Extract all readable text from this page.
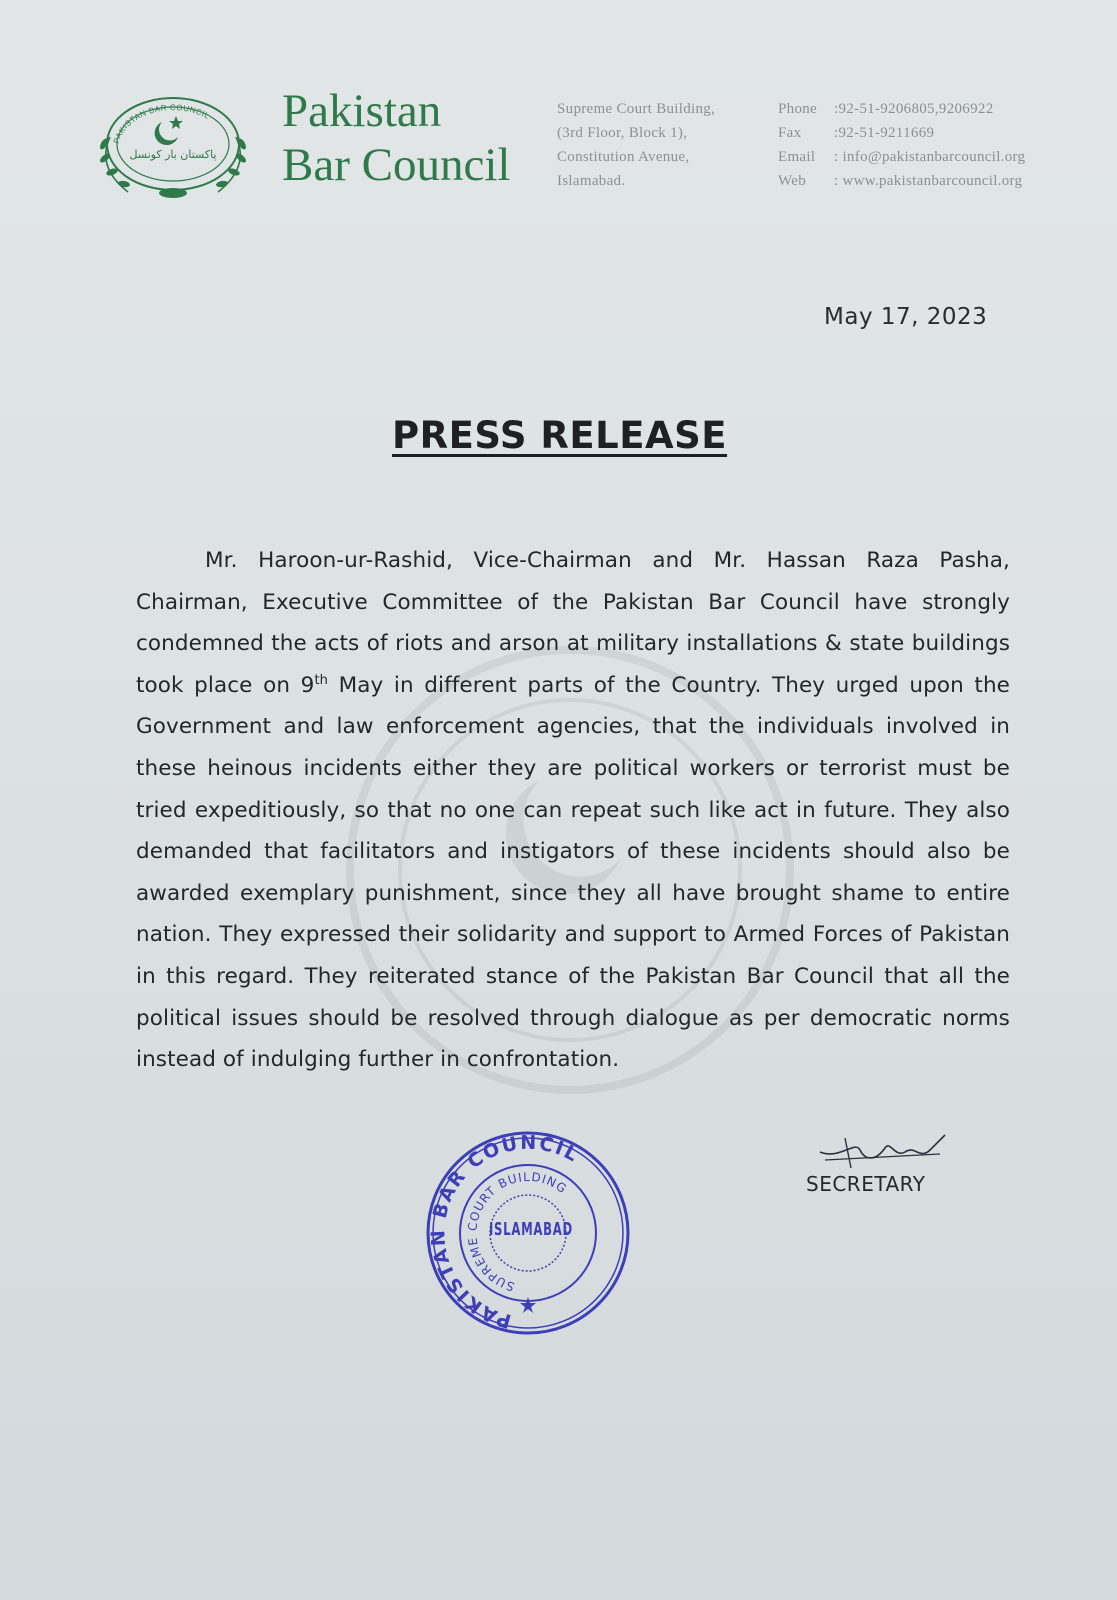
PAKISTAN BAR COUNCIL
پاکستان بار کونسل
Pakistan
Bar Council
Supreme Court Building,
(3rd Floor, Block 1),
Constitution Avenue,
Islamabad.
Phone :92-51-9206805,9206922
Fax :92-51-9211669
Email : info@pakistanbarcouncil.org
Web : www.pakistanbarcouncil.org
May 17, 2023
PRESS RELEASE

Mr. Haroon-ur-Rashid, Vice-Chairman and Mr. Hassan Raza Pasha, Chairman, Executive Committee of the Pakistan Bar Council have strongly condemned the acts of riots and arson at military installations & state buildings took place on 9th May in different parts of the Country. They urged upon the Government and law enforcement agencies, that the individuals involved in these heinous incidents either they are political workers or terrorist must be tried expeditiously, so that no one can repeat such like act in future. They also demanded that facilitators and instigators of these incidents should also be awarded exemplary punishment, since they all have brought shame to entire nation. They expressed their solidarity and support to Armed Forces of Pakistan in this regard. They reiterated stance of the Pakistan Bar Council that all the political issues should be resolved through dialogue as per democratic norms instead of indulging further in confrontation.

PAKISTAN BAR COUNCIL
SUPREME COURT BUILDING
ISLAMABAD
SECRETARY
